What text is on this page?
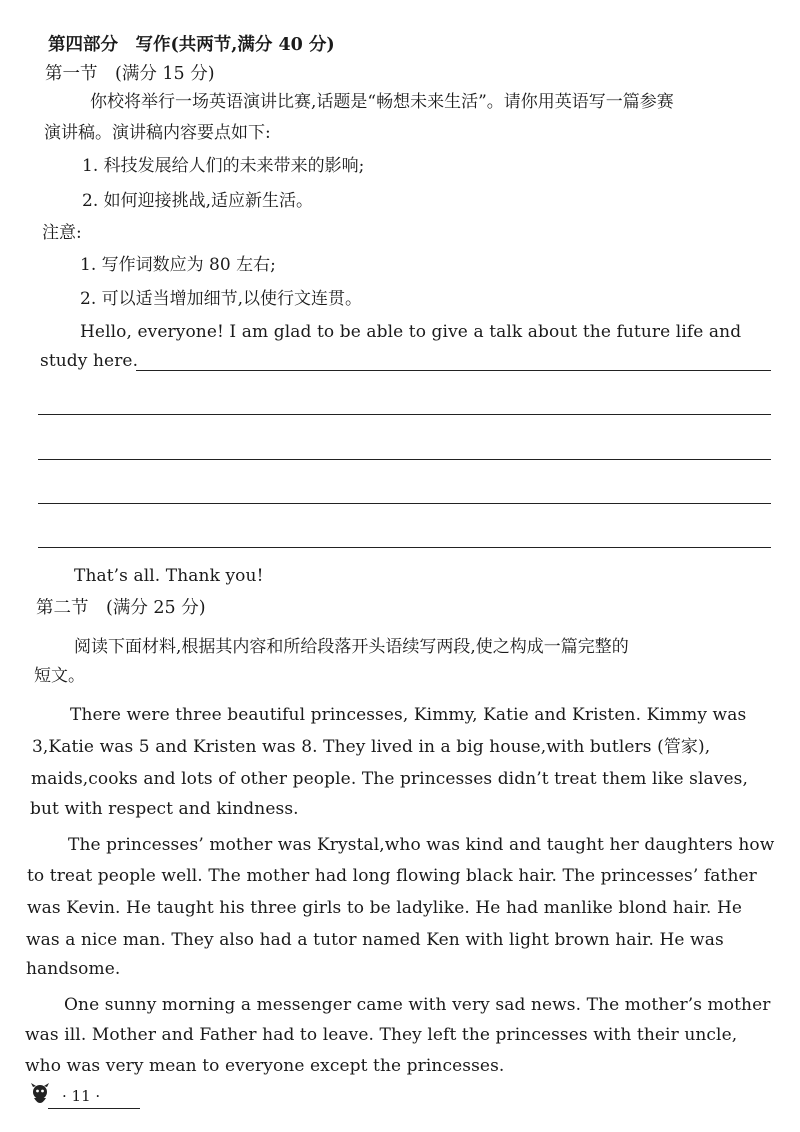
第四部分　写作(共两节,满分 40 分)
第一节　(满分 15 分)
你校将举行一场英语演讲比赛,话题是“畅想未来生活”。请你用英语写一篇参赛
演讲稿。演讲稿内容要点如下:
1. 科技发展给人们的未来带来的影响;
2. 如何迎接挑战,适应新生活。
注意:
1. 写作词数应为 80 左右;
2. 可以适当增加细节,以使行文连贯。
Hello, everyone! I am glad to be able to give a talk about the future life and
study here.
That’s all. Thank you!
第二节　(满分 25 分)
阅读下面材料,根据其内容和所给段落开头语续写两段,使之构成一篇完整的
短文。
There were three beautiful princesses, Kimmy, Katie and Kristen. Kimmy was
3,Katie was 5 and Kristen was 8. They lived in a big house,with butlers (管家),
maids,cooks and lots of other people. The princesses didn’t treat them like slaves,
but with respect and kindness.
The princesses’ mother was Krystal,who was kind and taught her daughters how
to treat people well. The mother had long flowing black hair. The princesses’ father
was Kevin. He taught his three girls to be ladylike. He had manlike blond hair. He
was a nice man. They also had a tutor named Ken with light brown hair. He was
handsome.
One sunny morning a messenger came with very sad news. The mother’s mother
was ill. Mother and Father had to leave. They left the princesses with their uncle,
who was very mean to everyone except the princesses.
· 11 ·
